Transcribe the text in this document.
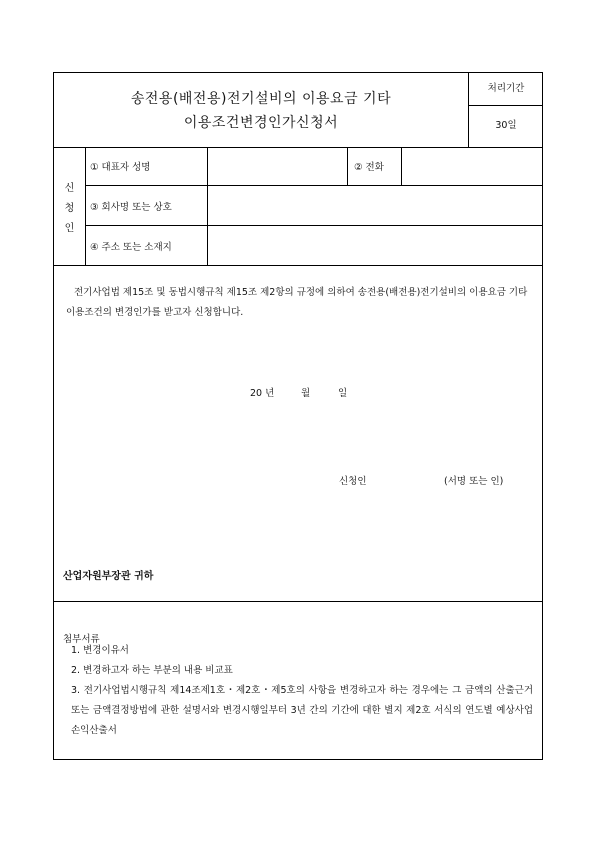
송전용(배전용)전기설비의 이용요금 기타
이용조건변경인가신청서
처리기간
30일
신
청
인
① 대표자 성명	② 전화
③ 회사명 또는 상호
④ 주소 또는 소재지
전기사업법 제15조 및 동법시행규칙 제15조 제2항의 규정에 의하여 송전용(배전용)전기설비의 이용요금 기타 이용조건의 변경인가를 받고자 신청합니다.
20 년	월	일
신청인	(서명 또는 인)
산업자원부장관 귀하
첨부서류
1. 변경이유서
2. 변경하고자 하는 부분의 내용 비교표
3. 전기사업법시행규칙 제14조제1호・제2호・제5호의 사항을 변경하고자 하는 경우에는 그 금액의 산출근거 또는 금액결정방법에 관한 설명서와 변경시행일부터 3년 간의 기간에 대한 별지 제2호 서식의 연도별 예상사업손익산출서
